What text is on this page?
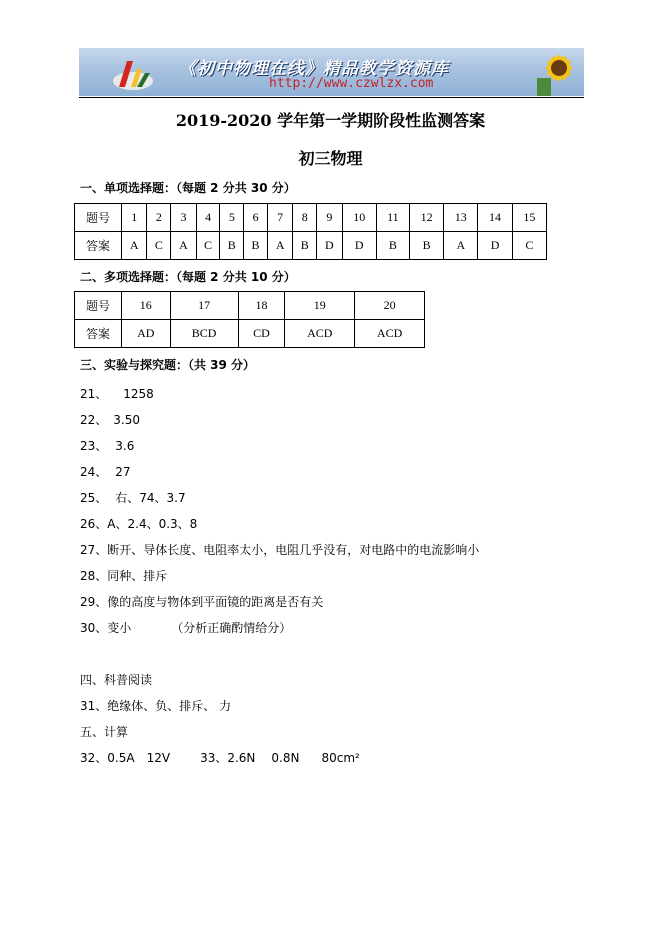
《初中物理在线》精品教学资源库
http://www.czwlzx.com
2019-2020 学年第一学期阶段性监测答案
初三物理
一、单项选择题：（每题 2 分共 30 分）
题号	1	2	3	4	5	6	7	8	9	10	11	12	13	14	15
答案	A	C	A	C	B	B	A	B	D	D	B	B	A	D	C
二、多项选择题：（每题 2 分共 10 分）
题号	16	17	18	19	20
答案	AD	BCD	CD	ACD	ACD
三、实验与探究题：（共 39 分）
21、 1258
22、 3.50
23、 3.6
24、 27
25、 右、74、3.7
26、A、2.4、0.3、8
27、断开、导体长度、电阻率太小，电阻几乎没有，对电路中的电流影响小
28、同种、排斥
29、像的高度与物体到平面镜的距离是否有关
30、变小	（分析正确酌情给分）
四、科普阅读
31、绝缘体、负、排斥、 力
五、计算
32、0.5A 12V	33、2.6N 0.8N 80cm²
